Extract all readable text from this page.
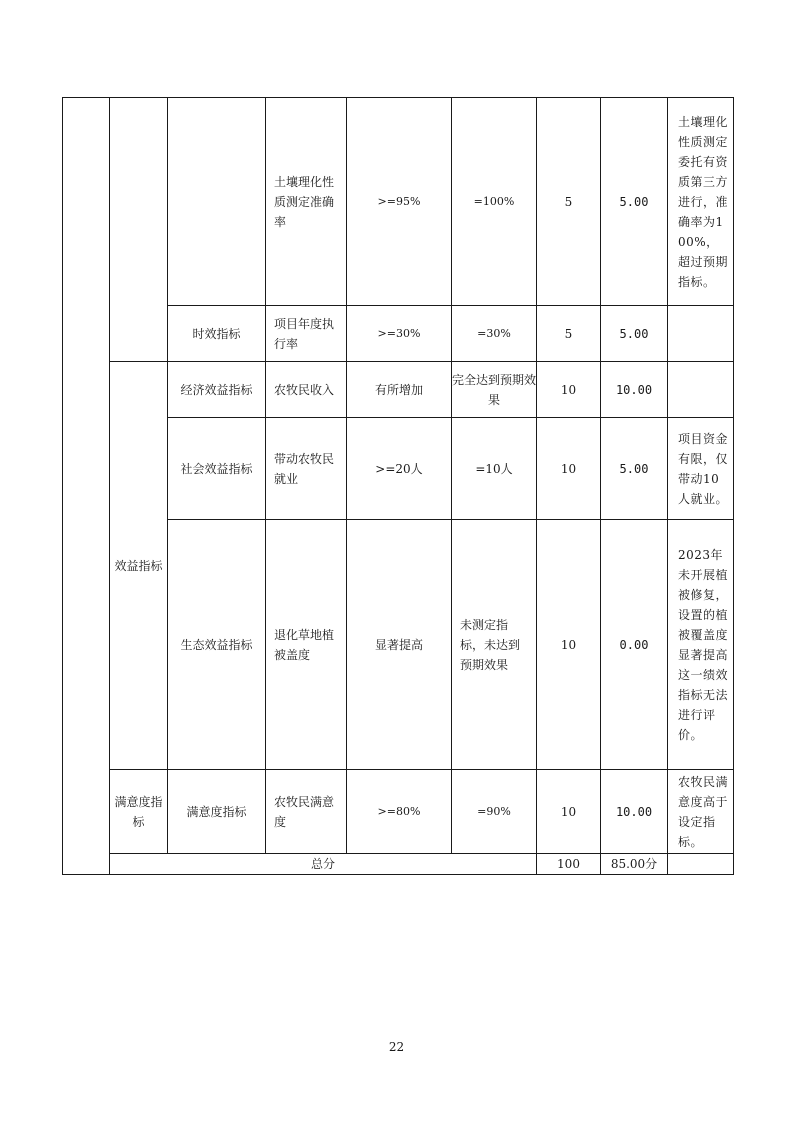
			土壤理化性质测定准确率	>=95%	=100%	5	5.00	土壤理化性质测定委托有资质第三方进行，准确率为100%，超过预期指标。
		时效指标	项目年度执行率	>=30%	=30%	5	5.00	
	效益指标	经济效益指标	农牧民收入	有所增加	完全达到预期效果	10	10.00	
		社会效益指标	带动农牧民就业	>=20人	=10人	10	5.00	项目资金有限，仅带动10人就业。
		生态效益指标	退化草地植被盖度	显著提高	未测定指标，未达到预期效果	10	0.00	2023年未开展植被修复，设置的植被覆盖度显著提高这一绩效指标无法进行评价。
	满意度指标	满意度指标	农牧民满意度	>=80%	=90%	10	10.00	农牧民满意度高于设定指标。
	总分					100	85.00分	
22
